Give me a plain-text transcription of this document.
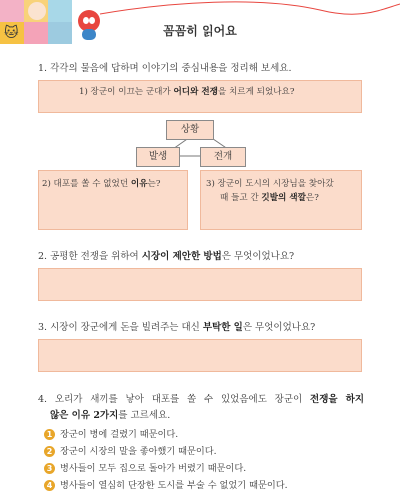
🐱	꼼꼼히 읽어요
1. 각각의 물음에 답하며 이야기의 중심내용을 정리해 보세요.
1) 장군이 이끄는 군대가 어디와 전쟁을 치르게 되었나요?
상황
발생	전개
2) 대포를 쏠 수 없었던 이유는?	3) 장군이 도시의 시장님을 찾아갔
때 들고 간 깃발의 색깔은?
2. 공평한 전쟁을 위하여 시장이 제안한 방법은 무엇이었나요?
3. 시장이 장군에게 돈을 빌려주는 대신 부탁한 일은 무엇이었나요?
4. 오리가 새끼를 낳아 대포를 쏠 수 있었음에도 장군이 전쟁을 하지
않은 이유 2가지를 고르세요.
1 장군이 병에 걸렸기 때문이다.
2 장군이 시장의 말을 좋아했기 때문이다.
3 병사들이 모두 집으로 돌아가 버렸기 때문이다.
4 병사들이 열심히 단장한 도시를 부술 수 없었기 때문이다.
